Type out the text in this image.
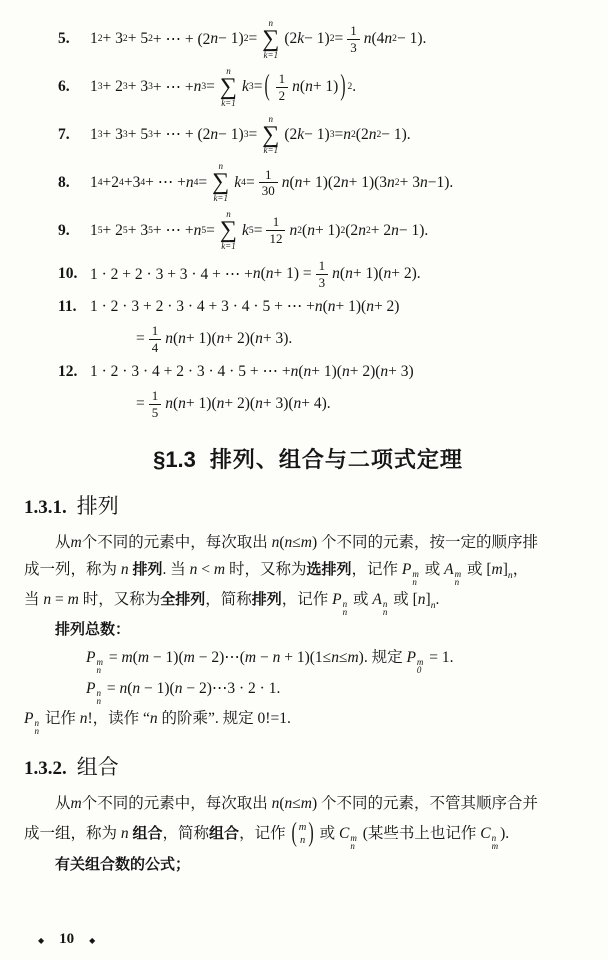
5.	1 2 + 3 2 + 5 2 + ⋯ + (2 n − 1) 2 =
n
∑
k=1
(2 k − 1) 2 = 1
3 n (4 n 2 − 1).
6.	1 3 + 2 3 + 3 3 + ⋯ + n 3 =
n
∑
k=1
k 3 = ( 1
2 n ( n + 1) ) 2 .
7.	1 3 + 3 3 + 5 3 + ⋯ + (2 n − 1) 3 =
n
∑
k=1
(2 k − 1) 3 = n 2 (2 n 2 − 1).
8.	1 4 +2 4 +3 4 + ⋯ + n 4 =
n
∑
k=1
k 4 = 1
30 n ( n + 1)(2 n + 1)(3 n 2 + 3 n −1).
9.	1 5 + 2 5 + 3 5 + ⋯ + n 5 =
n
∑
k=1
k 5 = 1
12 n 2 ( n + 1) 2 (2 n 2 + 2 n − 1).
10. 1 · 2 + 2 · 3 + 3 · 4 + ⋯ + n ( n + 1) = 1
3 n ( n + 1)( n + 2).
11. 1 · 2 · 3 + 2 · 3 · 4 + 3 · 4 · 5 + ⋯ + n ( n + 1)( n + 2)
= 1
4 n ( n + 1)( n + 2)( n + 3).
12. 1 · 2 · 3 · 4 + 2 · 3 · 4 · 5 + ⋯ + n ( n + 1)( n + 2)( n + 3)
= 1
5 n ( n + 1)( n + 2)( n + 3)( n + 4).
§1.3 排列、组合与二项式定理
1.3.1. 排列
从m个不同的元素中，每次取出 n(n≤m) 个不同的元素，按一定的顺序排
成一列，称为 n 排列. 当 n < m 时，又称为选排列，记作 P m
n
或 A m
n
或 $[m]_n$，
当 n = m 时，又称为全排列，简称排列，记作 P n
n
或 A n
n
或 $[n]_n$.
排列总数：
P m
n
= m(m − 1)(m − 2)⋯(m − n + 1)(1≤n≤m). 规定 P m
0
= 1.
P n
n
= n(n − 1)(n − 2)⋯3 · 2 · 1.
P n
n
记作 n!，读作 “n 的阶乘”. 规定 0!=1.
1.3.2. 组合
从m个不同的元素中，每次取出 n(n≤m) 个不同的元素，不管其顺序合并
成一组，称为 n 组合，简称组合，记作 ( m
n ) 或 C m
n
(某些书上也记作 C n
m
).
有关组合数的公式；
◆ 10 ◆
